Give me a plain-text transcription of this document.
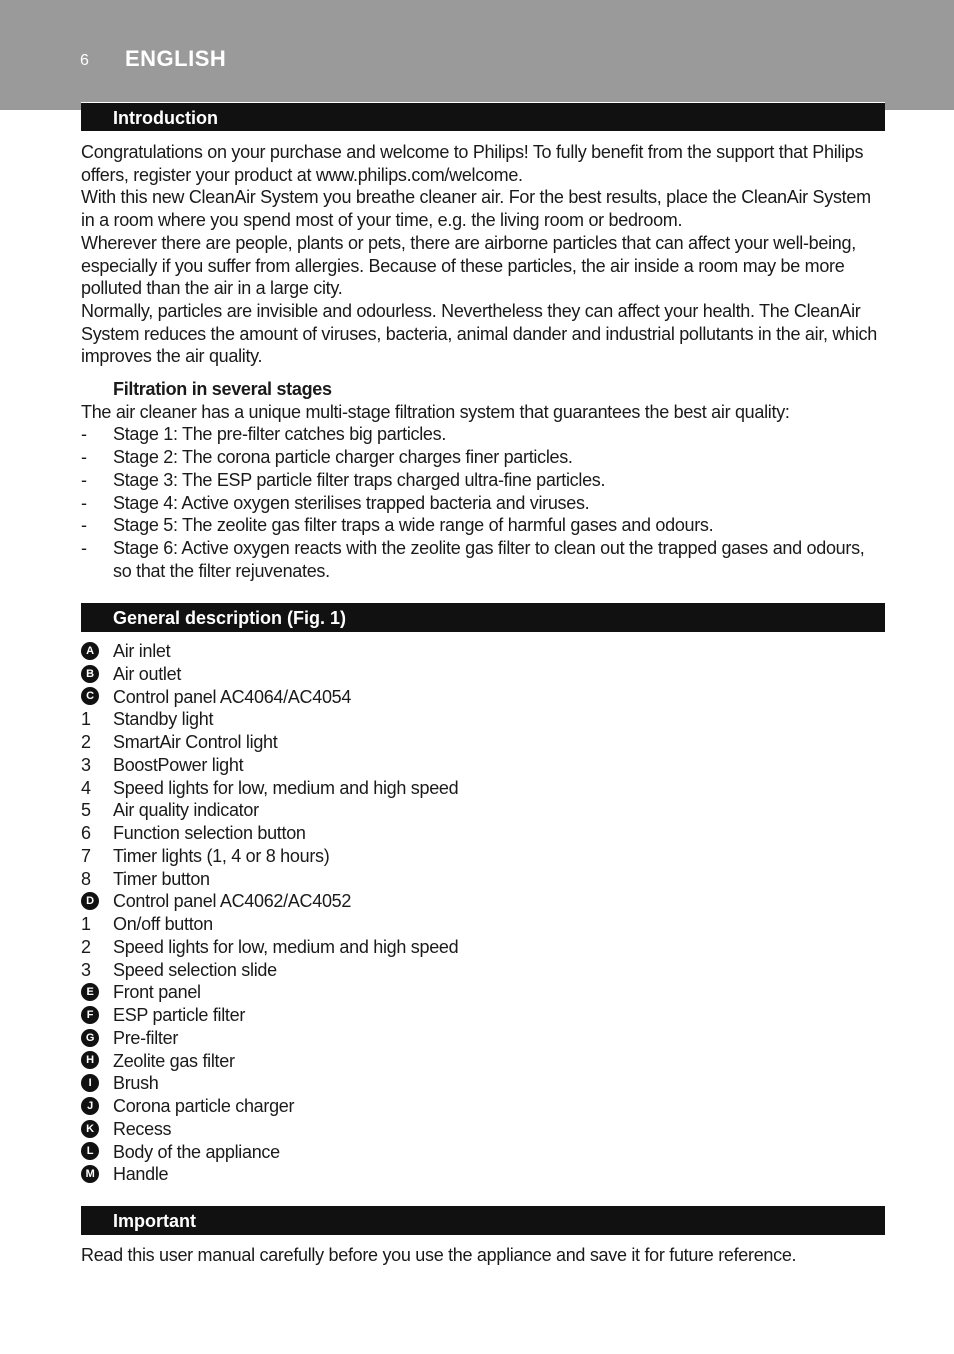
6 ENGLISH
Introduction

Congratulations on your purchase and welcome to Philips! To fully benefit from the support that Philips offers, register your product at www.philips.com/welcome.

With this new CleanAir System you breathe cleaner air. For the best results, place the CleanAir System in a room where you spend most of your time, e.g. the living room or bedroom.

Wherever there are people, plants or pets, there are airborne particles that can affect your well-being, especially if you suffer from allergies. Because of these particles, the air inside a room may be more polluted than the air in a large city.

Normally, particles are invisible and odourless. Nevertheless they can affect your health. The CleanAir System reduces the amount of viruses, bacteria, animal dander and industrial pollutants in the air, which improves the air quality.

Filtration in several stages

The air cleaner has a unique multi-stage filtration system that guarantees the best air quality:

-	Stage 1: The pre-filter catches big particles.
-	Stage 2: The corona particle charger charges finer particles.
-	Stage 3: The ESP particle filter traps charged ultra-fine particles.
-	Stage 4: Active oxygen sterilises trapped bacteria and viruses.
-	Stage 5: The zeolite gas filter traps a wide range of harmful gases and odours.
-	Stage 6: Active oxygen reacts with the zeolite gas filter to clean out the trapped gases and odours, so that the filter rejuvenates.
General description (Fig. 1)
A	Air inlet
B	Air outlet
C	Control panel AC4064/AC4054
1	Standby light
2	SmartAir Control light
3	BoostPower light
4	Speed lights for low, medium and high speed
5	Air quality indicator
6	Function selection button
7	Timer lights (1, 4 or 8 hours)
8	Timer button
D	Control panel AC4062/AC4052
1	On/off button
2	Speed lights for low, medium and high speed
3	Speed selection slide
E	Front panel
F	ESP particle filter
G	Pre-filter
H	Zeolite gas filter
I	Brush
J	Corona particle charger
K	Recess
L	Body of the appliance
M	Handle
Important
Read this user manual carefully before you use the appliance and save it for future reference.
